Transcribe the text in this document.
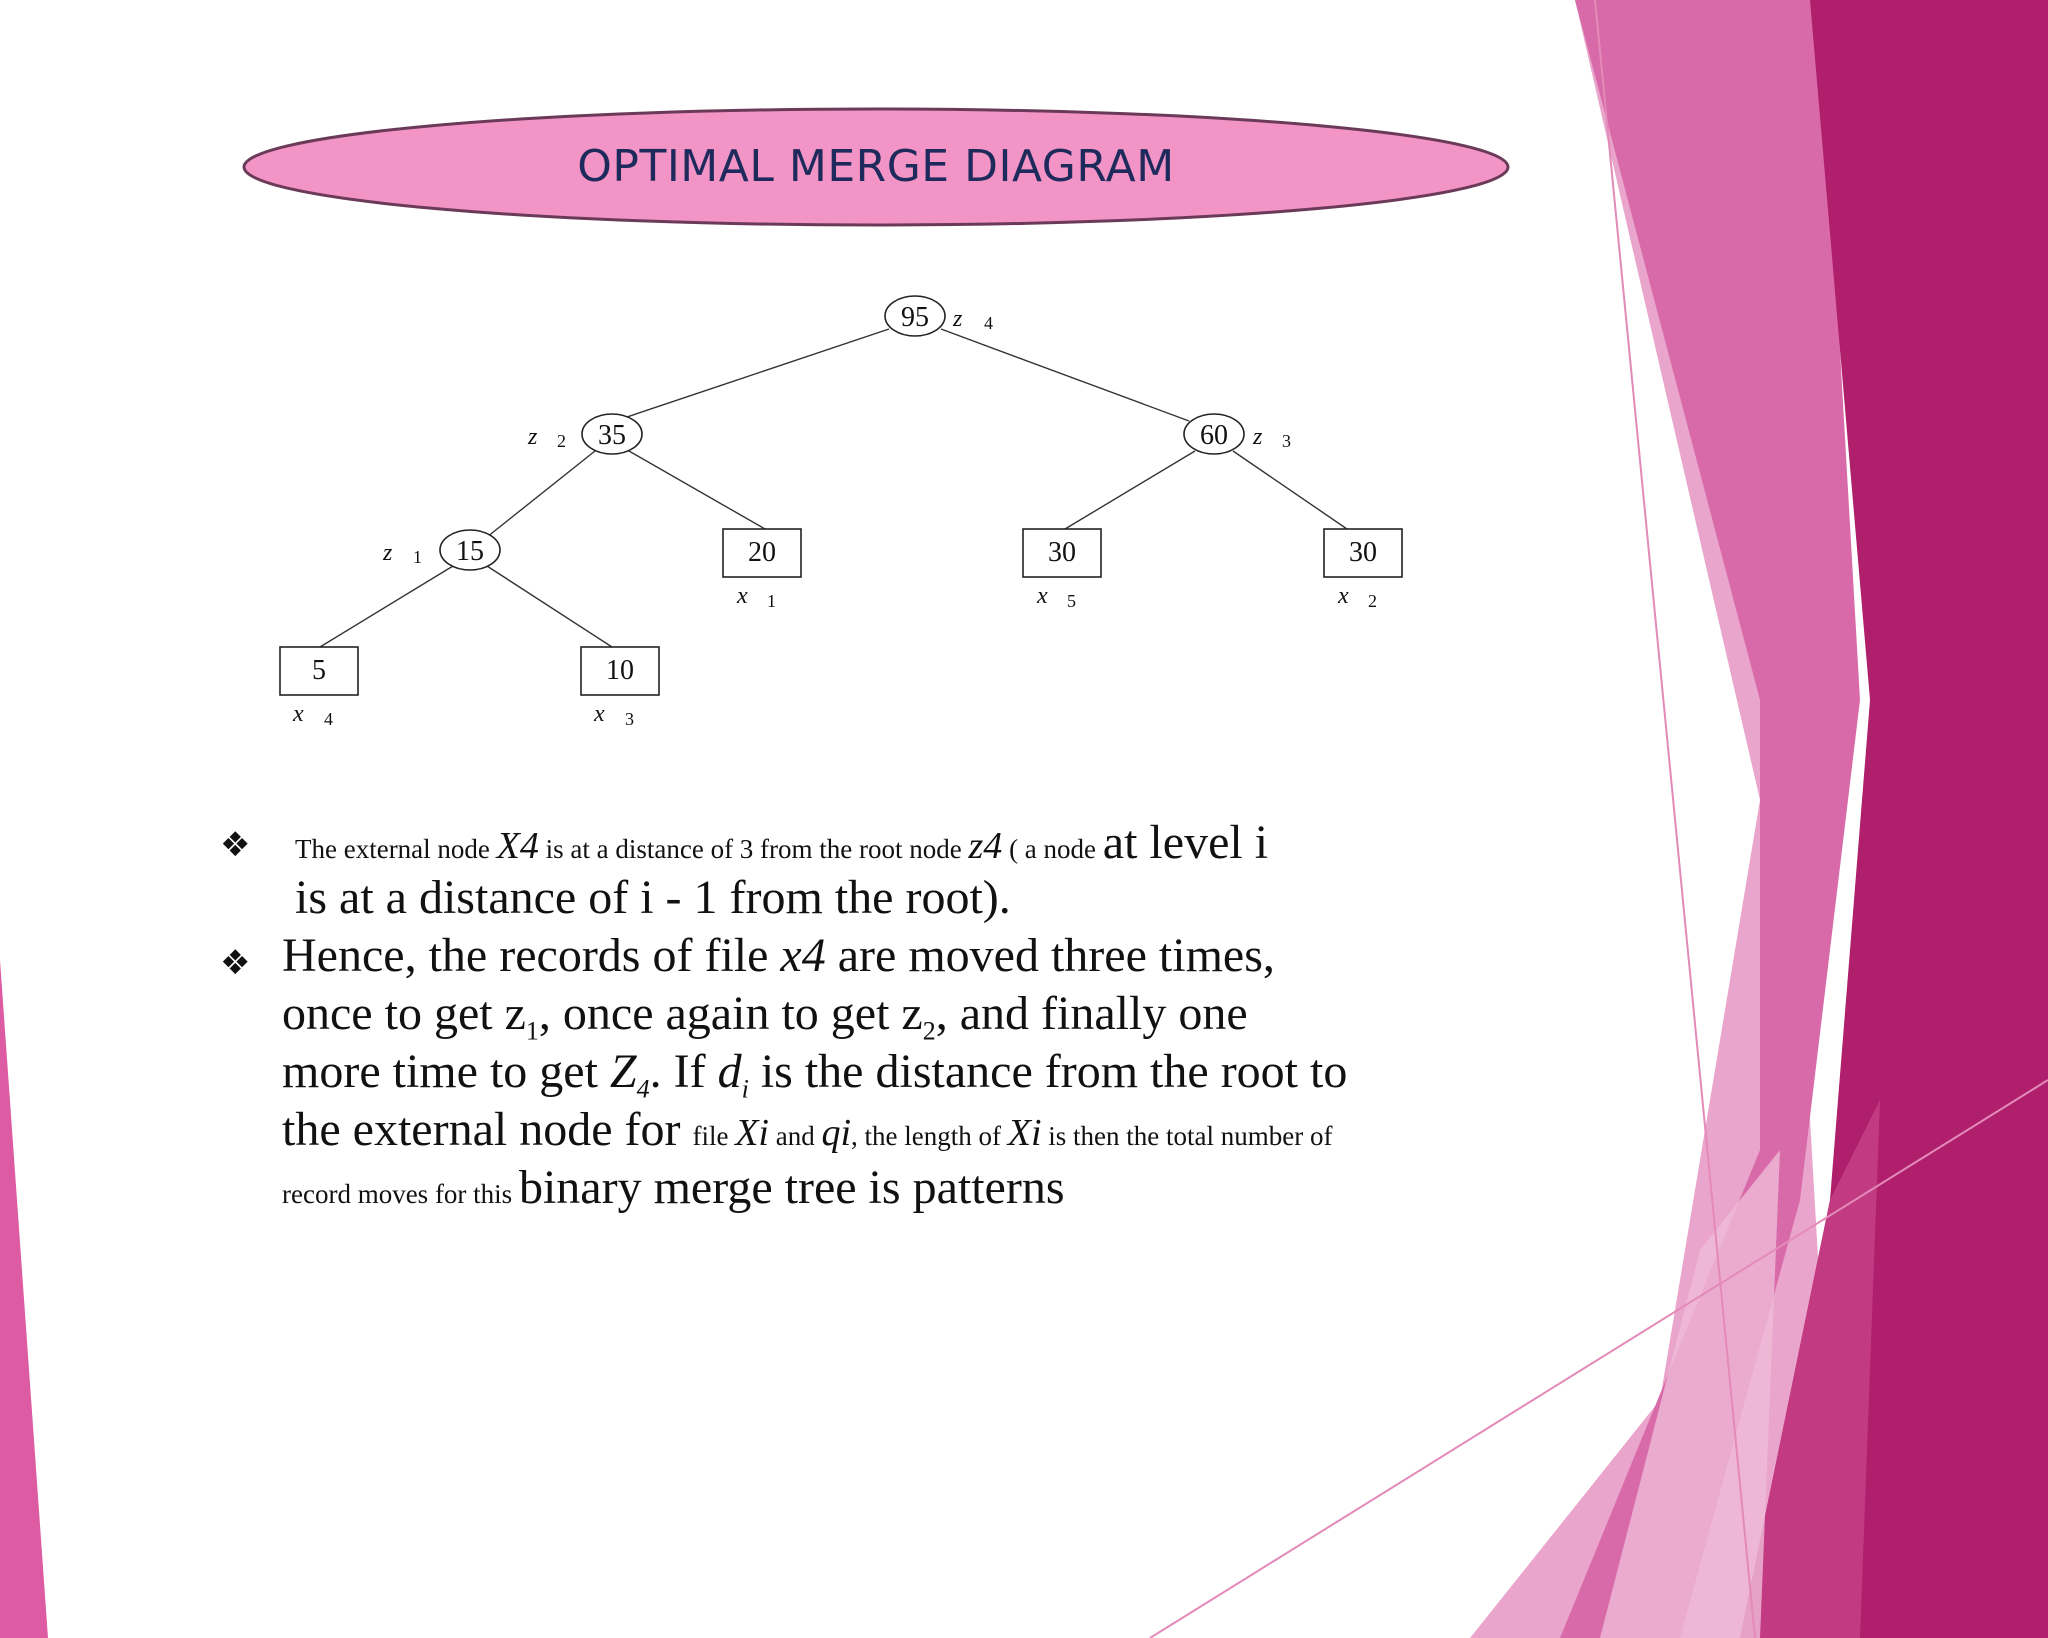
OPTIMAL MERGE DIAGRAM
95 z 4
35
z 2	60 z 3
15
z 1	20
x 1
30
x 5
30
x 2
5
x 4
10
x 3
❖ The external node X4 is at a distance of 3 from the root node z4 ( a node at level i
is at a distance of i - 1 from the root).
❖ Hence, the records of file x4 are moved three times,
once to get $z_1$, once again to get $z_2$, and finally one
more time to get $Z_4$. If $d_i$ is the distance from the root to
the external node for file Xi and qi, the length of Xi is then the total number of
record moves for this binary merge tree is patterns
